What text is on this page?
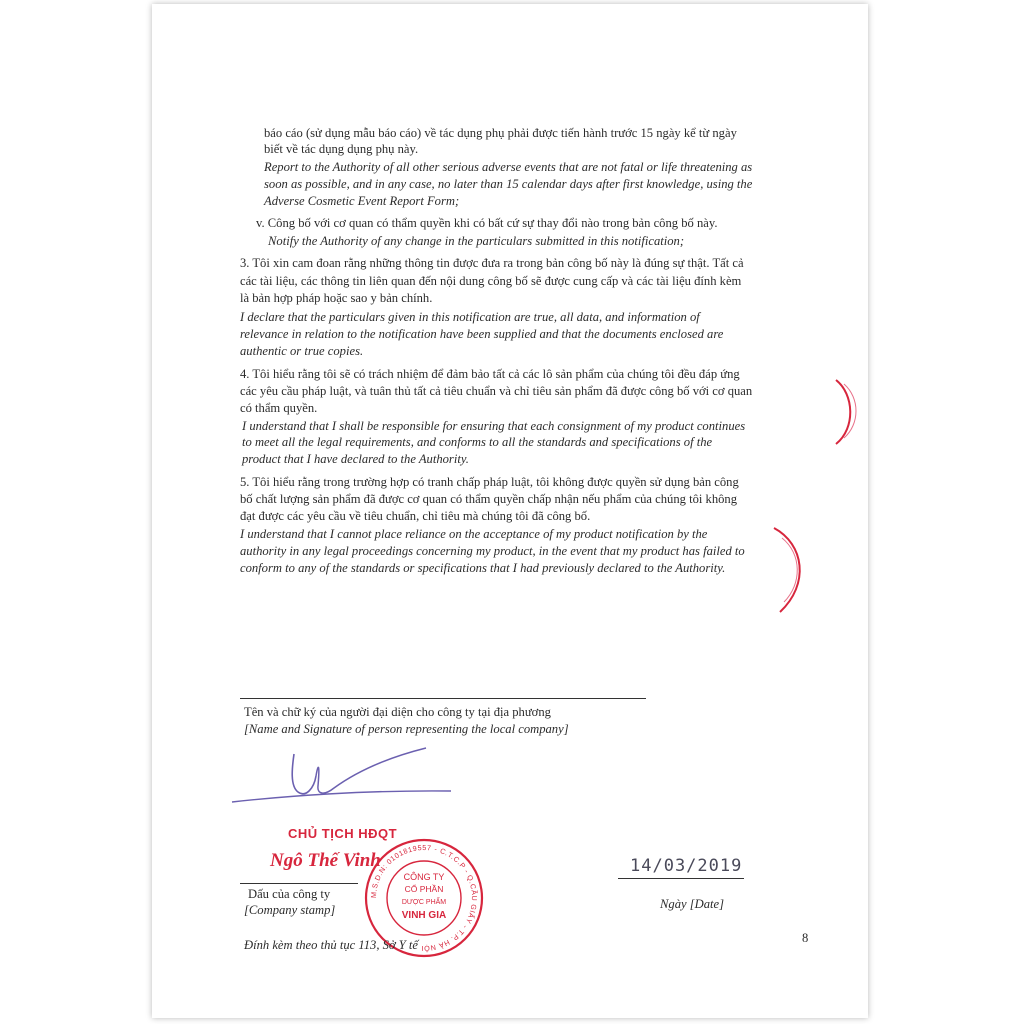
báo cáo (sử dụng mẫu báo cáo) về tác dụng phụ phải được tiến hành trước 15 ngày kể từ ngày
biết về tác dụng dụng phụ này.
Report to the Authority of all other serious adverse events that are not fatal or life threatening as
soon as possible, and in any case, no later than 15 calendar days after first knowledge, using the
Adverse Cosmetic Event Report Form;
v. Công bố với cơ quan có thẩm quyền khi có bất cứ sự thay đổi nào trong bản công bố này.
Notify the Authority of any change in the particulars submitted in this notification;
3. Tôi xin cam đoan rằng những thông tin được đưa ra trong bản công bố này là đúng sự thật. Tất cả
các tài liệu, các thông tin liên quan đến nội dung công bố sẽ được cung cấp và các tài liệu đính kèm
là bản hợp pháp hoặc sao y bản chính.
I declare that the particulars given in this notification are true, all data, and information of
relevance in relation to the notification have been supplied and that the documents enclosed are
authentic or true copies.
4. Tôi hiểu rằng tôi sẽ có trách nhiệm để đảm bảo tất cả các lô sản phẩm của chúng tôi đều đáp ứng
các yêu cầu pháp luật, và tuân thủ tất cả tiêu chuẩn và chỉ tiêu sản phẩm đã được công bố với cơ quan
có thẩm quyền.
I understand that I shall be responsible for ensuring that each consignment of my product continues
to meet all the legal requirements, and conforms to all the standards and specifications of the
product that I have declared to the Authority.
5. Tôi hiểu rằng trong trường hợp có tranh chấp pháp luật, tôi không được quyền sử dụng bản công
bố chất lượng sản phẩm đã được cơ quan có thẩm quyền chấp nhận nếu phẩm của chúng tôi không
đạt được các yêu cầu về tiêu chuẩn, chỉ tiêu mà chúng tôi đã công bố.
I understand that I cannot place reliance on the acceptance of my product notification by the
authority in any legal proceedings concerning my product, in the event that my product has failed to
conform to any of the standards or specifications that I had previously declared to the Authority.
Tên và chữ ký của người đại diện cho công ty tại địa phương
[Name and Signature of person representing the local company]
CHỦ TỊCH HĐQT
Ngô Thế Vinh
M.S.D.N: 0101819557 - C.T.C.P - Q.CẦU GIẤY - T.P. HÀ NỘI
CÔNG TY
CỔ PHẦN
DƯỢC PHẨM
VINH GIA
Dấu của công ty
[Company stamp]
14/03/2019
Ngày [Date]
Đính kèm theo thủ tục 113, Sở Y tế	8
